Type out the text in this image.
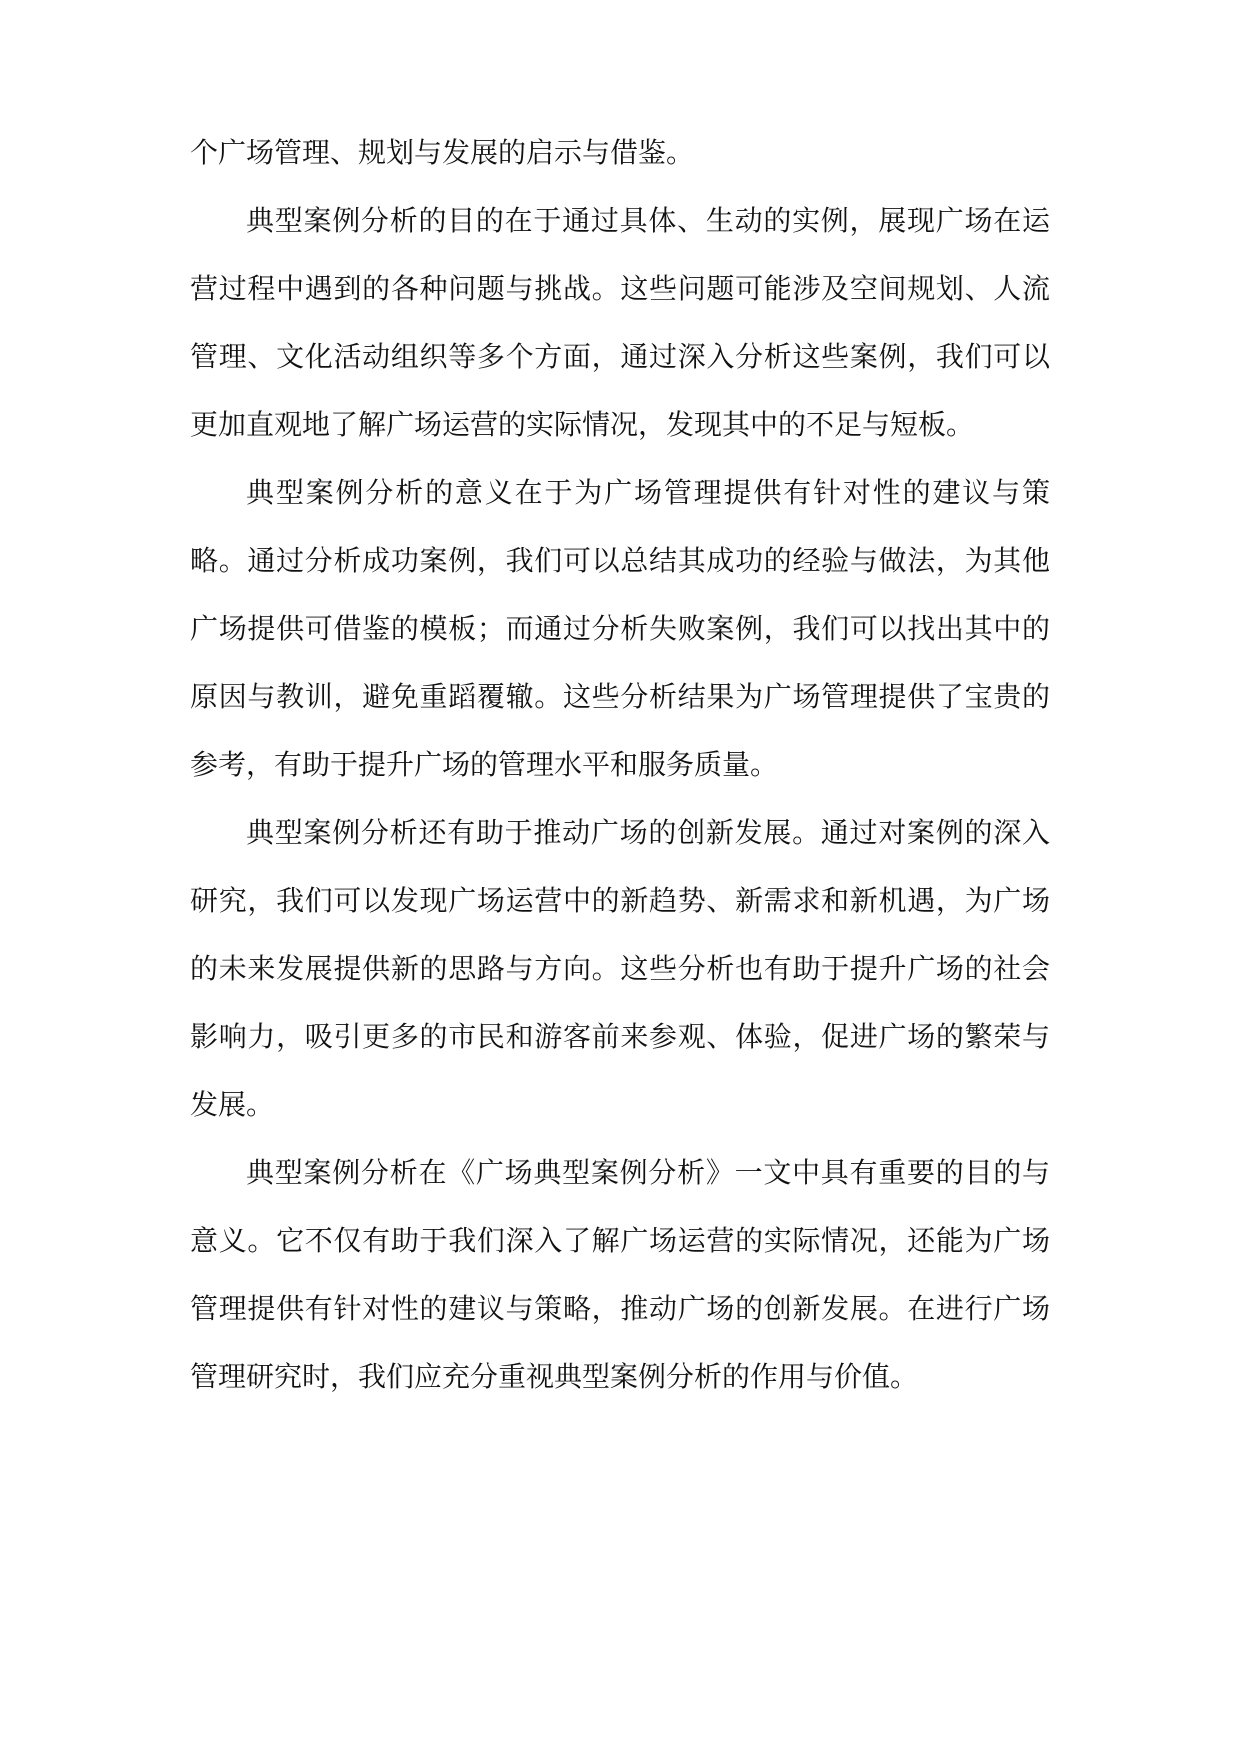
个广场管理、规划与发展的启示与借鉴。
典型案例分析的目的在于通过具体、生动的实例，展现广场在运
营过程中遇到的各种问题与挑战。这些问题可能涉及空间规划、人流
管理、文化活动组织等多个方面，通过深入分析这些案例，我们可以
更加直观地了解广场运营的实际情况，发现其中的不足与短板。
典型案例分析的意义在于为广场管理提供有针对性的建议与策
略。通过分析成功案例，我们可以总结其成功的经验与做法，为其他
广场提供可借鉴的模板；而通过分析失败案例，我们可以找出其中的
原因与教训，避免重蹈覆辙。这些分析结果为广场管理提供了宝贵的
参考，有助于提升广场的管理水平和服务质量。
典型案例分析还有助于推动广场的创新发展。通过对案例的深入
研究，我们可以发现广场运营中的新趋势、新需求和新机遇，为广场
的未来发展提供新的思路与方向。这些分析也有助于提升广场的社会
影响力，吸引更多的市民和游客前来参观、体验，促进广场的繁荣与
发展。
典型案例分析在《广场典型案例分析》一文中具有重要的目的与
意义。它不仅有助于我们深入了解广场运营的实际情况，还能为广场
管理提供有针对性的建议与策略，推动广场的创新发展。在进行广场
管理研究时，我们应充分重视典型案例分析的作用与价值。
